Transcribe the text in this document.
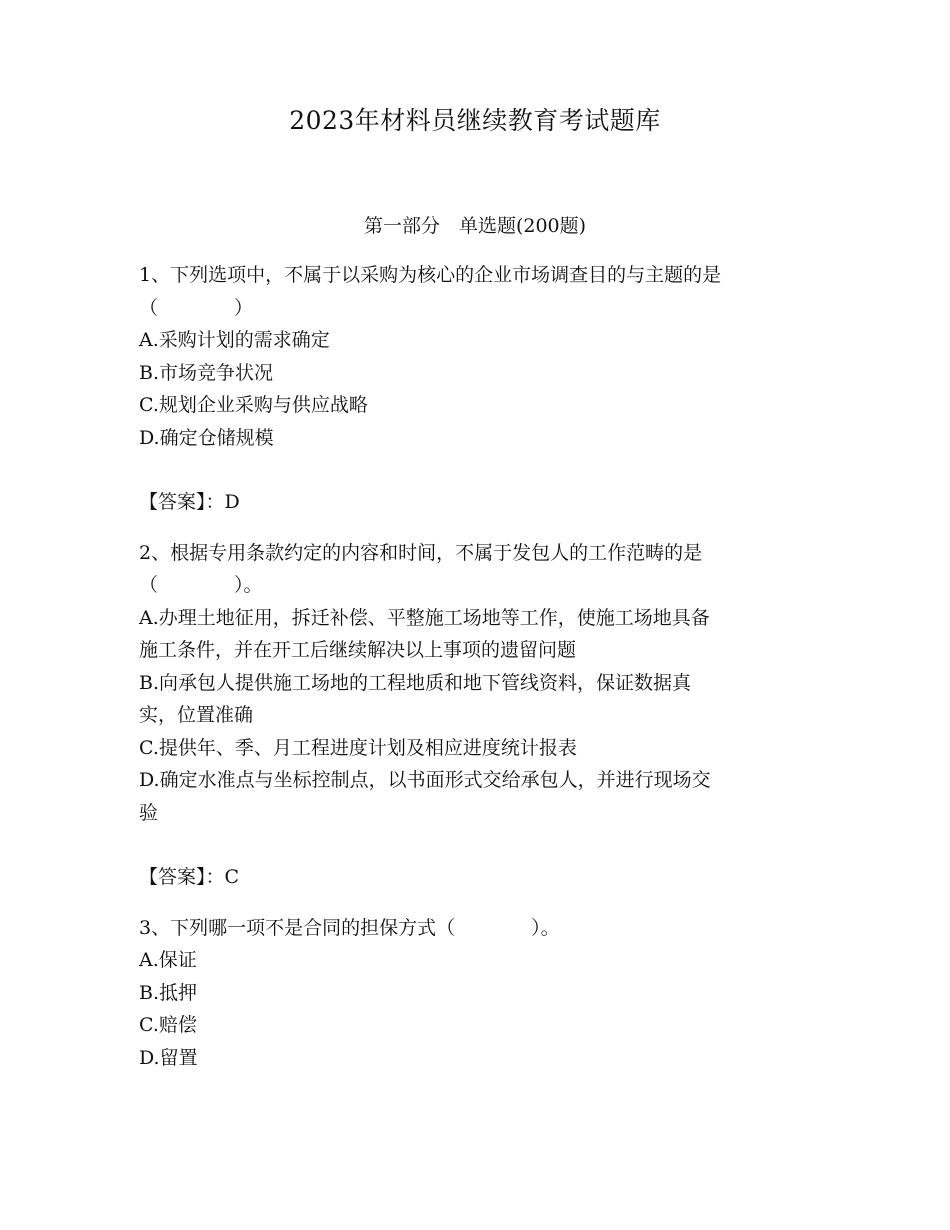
2023年材料员继续教育考试题库
第一部分　单选题(200题)
1、下列选项中，不属于以采购为核心的企业市场调查目的与主题的是
（　　　　）
A.采购计划的需求确定
B.市场竞争状况
C.规划企业采购与供应战略
D.确定仓储规模
【答案】：D
2、根据专用条款约定的内容和时间，不属于发包人的工作范畴的是
（　　　　）。
A.办理土地征用，拆迁补偿、平整施工场地等工作，使施工场地具备
施工条件，并在开工后继续解决以上事项的遗留问题
B.向承包人提供施工场地的工程地质和地下管线资料，保证数据真
实，位置准确
C.提供年、季、月工程进度计划及相应进度统计报表
D.确定水准点与坐标控制点，以书面形式交给承包人，并进行现场交
验
【答案】：C
3、下列哪一项不是合同的担保方式（　　　　）。
A.保证
B.抵押
C.赔偿
D.留置
